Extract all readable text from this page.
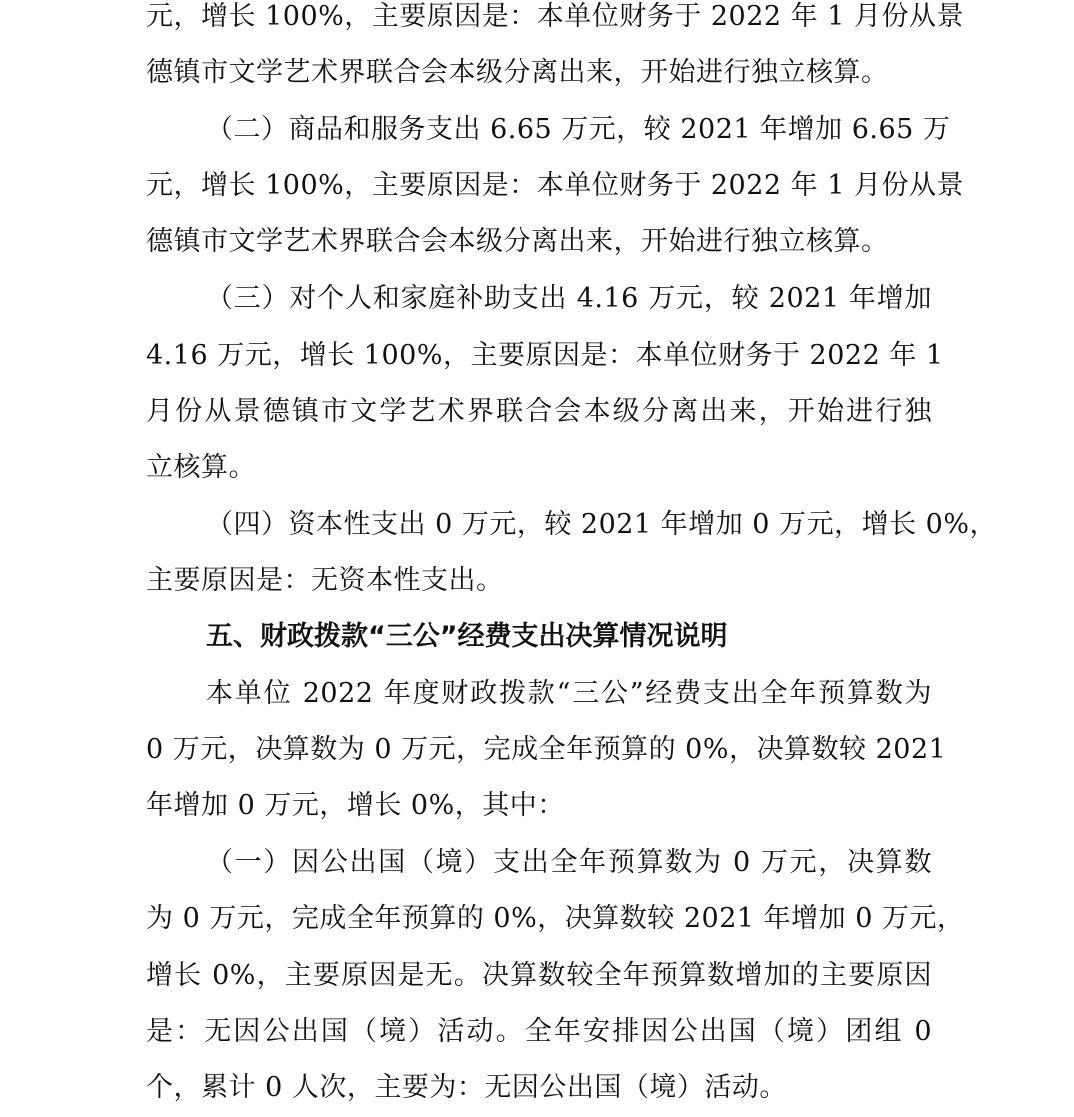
元，增长 100%，主要原因是：本单位财务于 2022 年 1 月份从景
德镇市文学艺术界联合会本级分离出来，开始进行独立核算。
（二）商品和服务支出 6.65 万元，较 2021 年增加 6.65 万
元，增长 100%，主要原因是：本单位财务于 2022 年 1 月份从景
德镇市文学艺术界联合会本级分离出来，开始进行独立核算。
（三）对个人和家庭补助支出 4.16 万元，较 2021 年增加
4.16 万元，增长 100%，主要原因是：本单位财务于 2022 年 1
月份从景德镇市文学艺术界联合会本级分离出来，开始进行独
立核算。
（四）资本性支出 0 万元，较 2021 年增加 0 万元，增长 0%，
主要原因是：无资本性支出。
五、财政拨款“三公”经费支出决算情况说明
本单位 2022 年度财政拨款“三公”经费支出全年预算数为
0 万元，决算数为 0 万元，完成全年预算的 0%，决算数较 2021
年增加 0 万元，增长 0%，其中：
（一）因公出国（境）支出全年预算数为 0 万元，决算数
为 0 万元，完成全年预算的 0%，决算数较 2021 年增加 0 万元，
增长 0%，主要原因是无。决算数较全年预算数增加的主要原因
是：无因公出国（境）活动。全年安排因公出国（境）团组 0
个，累计 0 人次，主要为：无因公出国（境）活动。
